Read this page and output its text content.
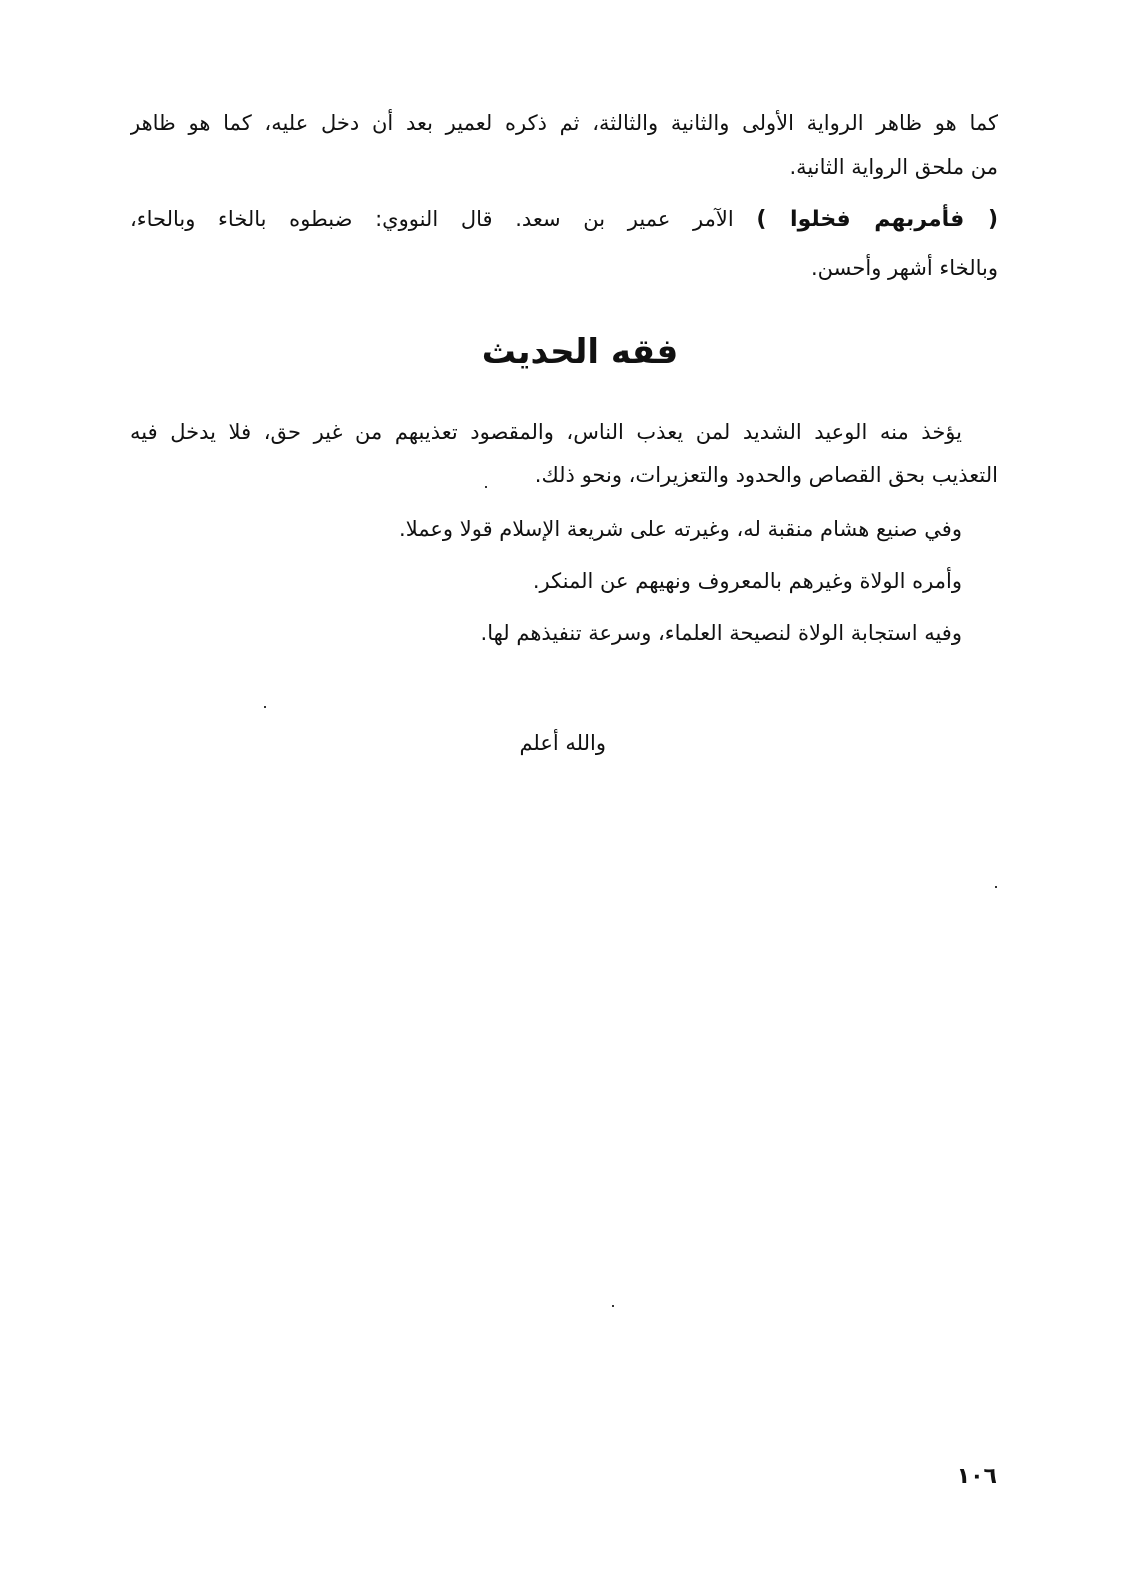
كما هو ظاهر الرواية الأولى والثانية والثالثة، ثم ذكره لعمير بعد أن دخل عليه، كما هو ظاهر
من ملحق الرواية الثانية.
( فأمربهم فخلوا ) الآمر عمير بن سعد. قال النووي: ضبطوه بالخاء وبالحاء،
وبالخاء أشهر وأحسن.
فقه الحديث
يؤخذ منه الوعيد الشديد لمن يعذب الناس، والمقصود تعذيبهم من غير حق، فلا يدخل فيه
التعذيب بحق القصاص والحدود والتعزيرات، ونحو ذلك.
وفي صنيع هشام منقبة له، وغيرته على شريعة الإسلام قولا وعملا.
وأمره الولاة وغيرهم بالمعروف ونهيهم عن المنكر.
وفيه استجابة الولاة لنصيحة العلماء، وسرعة تنفيذهم لها.
والله أعلم
١٠٦
